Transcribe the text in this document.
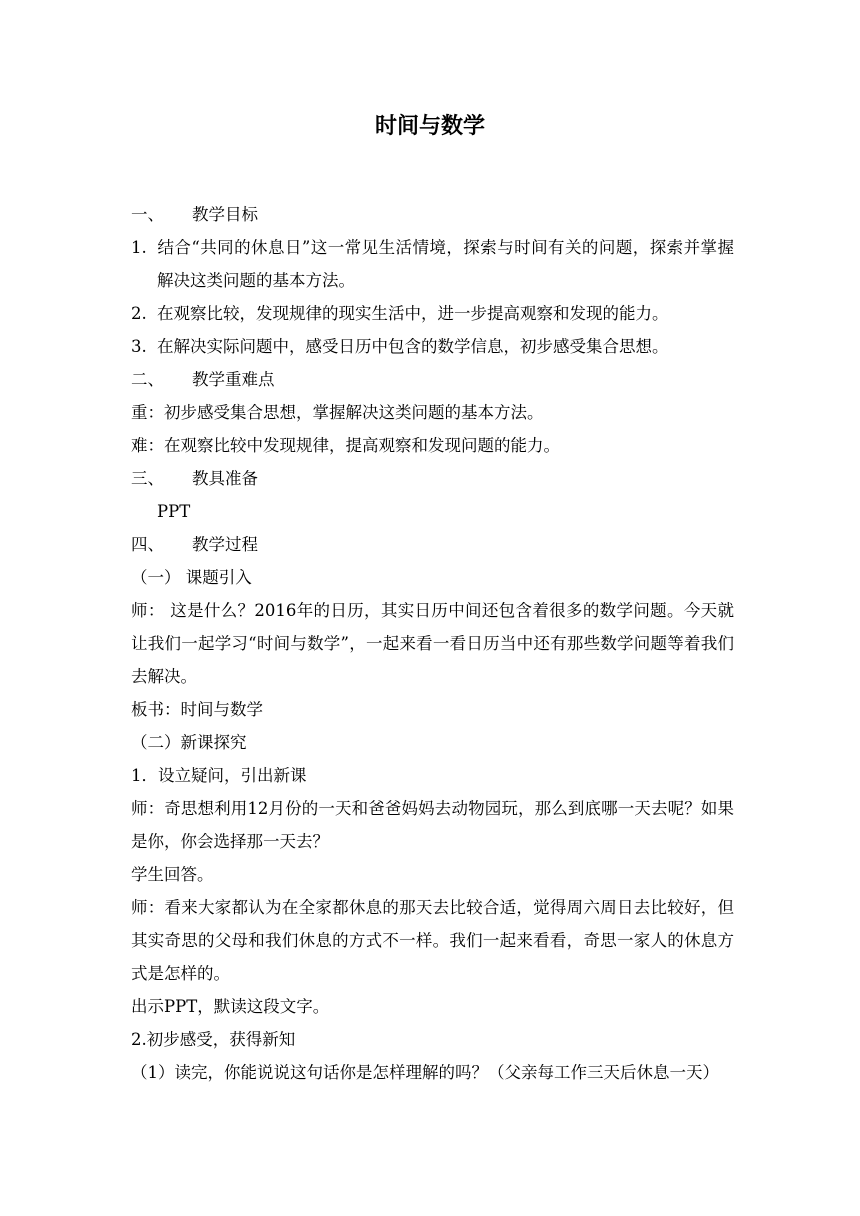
时间与数学
一、 教学目标
1. 结合“共同的休息日”这一常见生活情境，探索与时间有关的问题，探索并掌握解决这类问题的基本方法。
2. 在观察比较，发现规律的现实生活中，进一步提高观察和发现的能力。
3. 在解决实际问题中，感受日历中包含的数学信息，初步感受集合思想。
二、 教学重难点
重：初步感受集合思想，掌握解决这类问题的基本方法。
难：在观察比较中发现规律，提高观察和发现问题的能力。
三、 教具准备
PPT
四、 教学过程
（一） 课题引入
师： 这是什么？2016年的日历，其实日历中间还包含着很多的数学问题。今天就让我们一起学习“时间与数学”，一起来看一看日历当中还有那些数学问题等着我们去解决。
板书：时间与数学
（二）新课探究
1．设立疑问，引出新课
师：奇思想利用12月份的一天和爸爸妈妈去动物园玩，那么到底哪一天去呢？如果是你，你会选择那一天去？
学生回答。
师：看来大家都认为在全家都休息的那天去比较合适，觉得周六周日去比较好，但其实奇思的父母和我们休息的方式不一样。我们一起来看看，奇思一家人的休息方式是怎样的。
出示PPT，默读这段文字。
2.初步感受，获得新知
（1）读完，你能说说这句话你是怎样理解的吗？（父亲每工作三天后休息一天）
